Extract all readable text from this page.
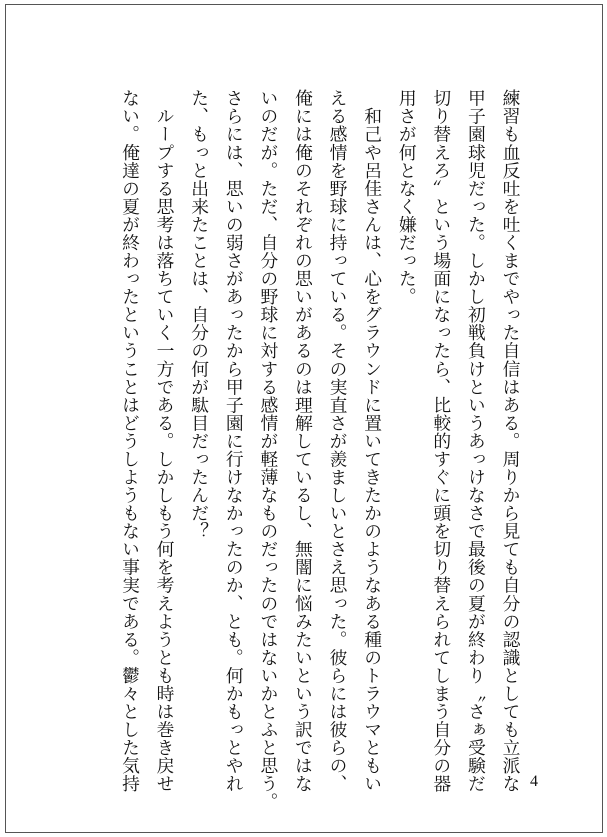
練習も血反吐を吐くまでやった自信はある。周りから見ても自分の認識としても立派な
甲子園球児だった。しかし初戦負けというあっけなさで最後の夏が終わり〝さぁ受験だ
切り替えろ〟という場面になったら、比較的すぐに頭を切り替えられてしまう自分の器
用さが何となく嫌だった。
　和己や呂佳さんは、心をグラウンドに置いてきたかのようなある種のトラウマともい
える感情を野球に持っている。その実直さが羨ましいとさえ思った。彼らには彼らの、
俺には俺のそれぞれの思いがあるのは理解しているし、無闇に悩みたいという訳ではな
いのだが。ただ、自分の野球に対する感情が軽薄なものだったのではないかとふと思う。
さらには、思いの弱さがあったから甲子園に行けなかったのか、とも。何かもっとやれ
た、もっと出来たことは、自分の何が駄目だったんだ？
　ループする思考は落ちていく一方である。しかしもう何を考えようとも時は巻き戻せ
ない。俺達の夏が終わったということはどうしようもない事実である。鬱々とした気持	4
